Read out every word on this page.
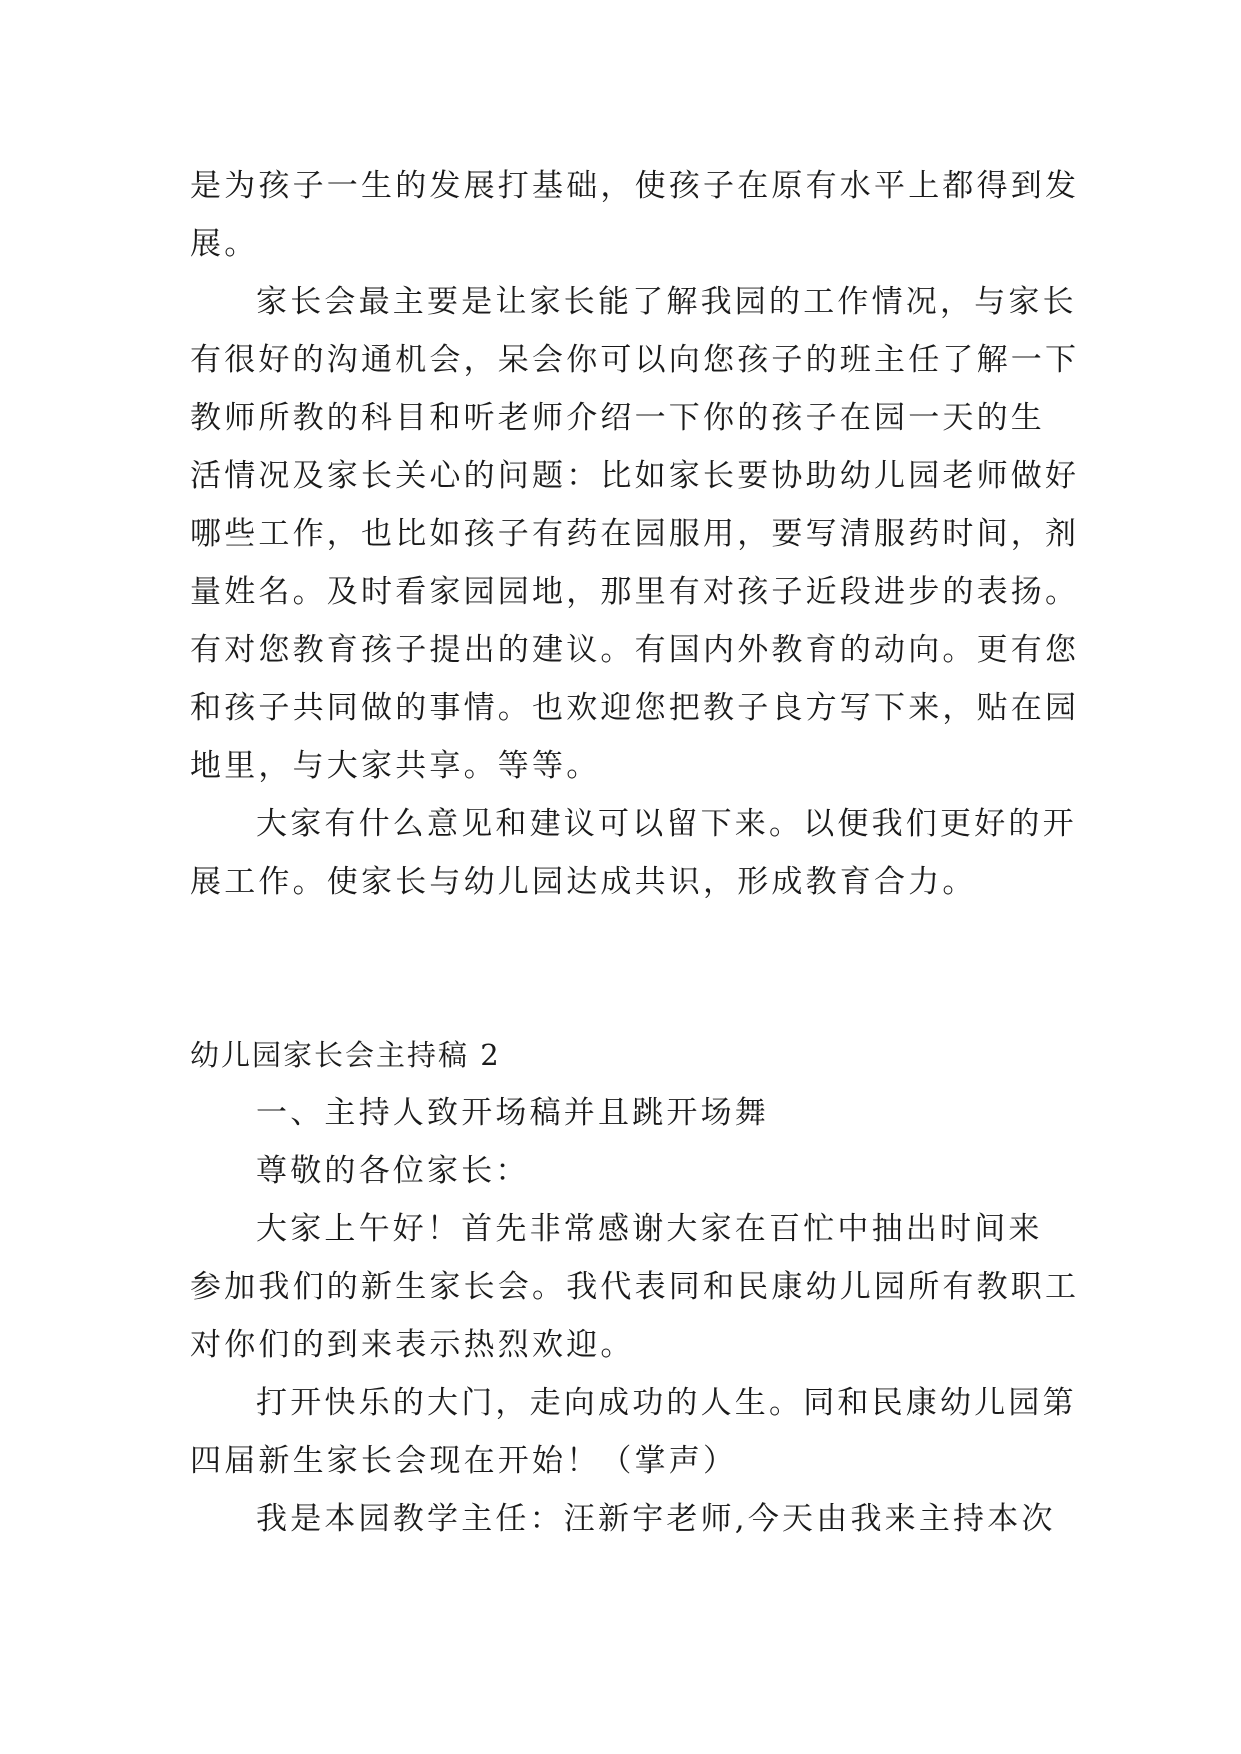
是为孩子一生的发展打基础，使孩子在原有水平上都得到发
展。
家长会最主要是让家长能了解我园的工作情况，与家长
有很好的沟通机会，呆会你可以向您孩子的班主任了解一下
教师所教的科目和听老师介绍一下你的孩子在园一天的生
活情况及家长关心的问题：比如家长要协助幼儿园老师做好
哪些工作，也比如孩子有药在园服用，要写清服药时间，剂
量姓名。及时看家园园地，那里有对孩子近段进步的表扬。
有对您教育孩子提出的建议。有国内外教育的动向。更有您
和孩子共同做的事情。也欢迎您把教子良方写下来，贴在园
地里，与大家共享。等等。
大家有什么意见和建议可以留下来。以便我们更好的开
展工作。使家长与幼儿园达成共识，形成教育合力。
幼儿园家长会主持稿 2
一、主持人致开场稿并且跳开场舞
尊敬的各位家长：
大家上午好！首先非常感谢大家在百忙中抽出时间来
参加我们的新生家长会。我代表同和民康幼儿园所有教职工
对你们的到来表示热烈欢迎。
打开快乐的大门，走向成功的人生。同和民康幼儿园第
四届新生家长会现在开始！（掌声）
我是本园教学主任：汪新宇老师,今天由我来主持本次
